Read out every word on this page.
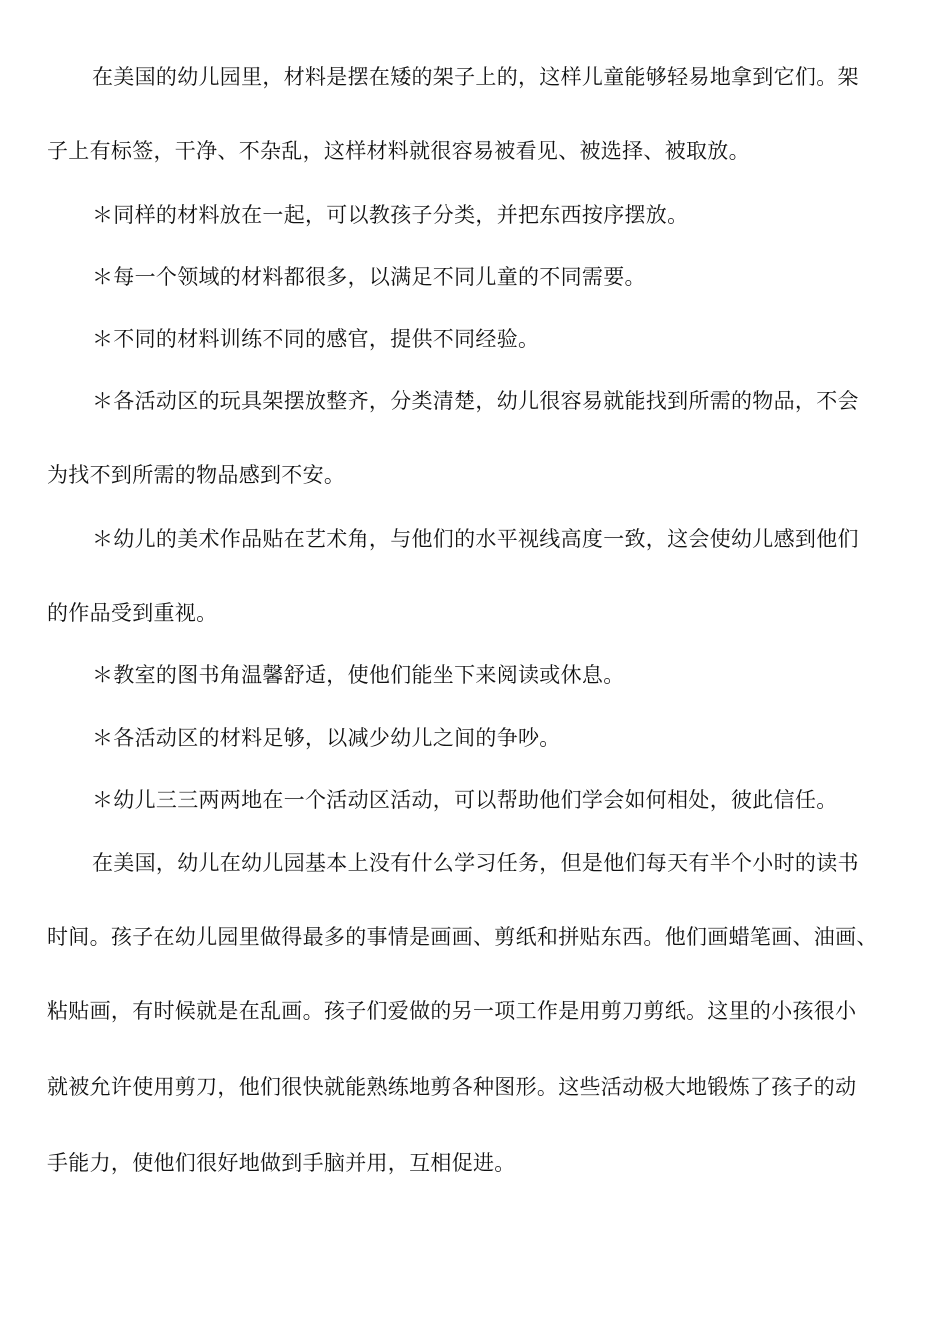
在美国的幼儿园里，材料是摆在矮的架子上的，这样儿童能够轻易地拿到它们。架
子上有标签，干净、不杂乱，这样材料就很容易被看见、被选择、被取放。
＊同样的材料放在一起，可以教孩子分类，并把东西按序摆放。
＊每一个领域的材料都很多，以满足不同儿童的不同需要。
＊不同的材料训练不同的感官，提供不同经验。
＊各活动区的玩具架摆放整齐，分类清楚，幼儿很容易就能找到所需的物品，不会
为找不到所需的物品感到不安。
＊幼儿的美术作品贴在艺术角，与他们的水平视线高度一致，这会使幼儿感到他们
的作品受到重视。
＊教室的图书角温馨舒适，使他们能坐下来阅读或休息。
＊各活动区的材料足够，以减少幼儿之间的争吵。
＊幼儿三三两两地在一个活动区活动，可以帮助他们学会如何相处，彼此信任。
在美国，幼儿在幼儿园基本上没有什么学习任务，但是他们每天有半个小时的读书
时间。孩子在幼儿园里做得最多的事情是画画、剪纸和拼贴东西。他们画蜡笔画、油画、
粘贴画，有时候就是在乱画。孩子们爱做的另一项工作是用剪刀剪纸。这里的小孩很小
就被允许使用剪刀，他们很快就能熟练地剪各种图形。这些活动极大地锻炼了孩子的动
手能力，使他们很好地做到手脑并用，互相促进。
